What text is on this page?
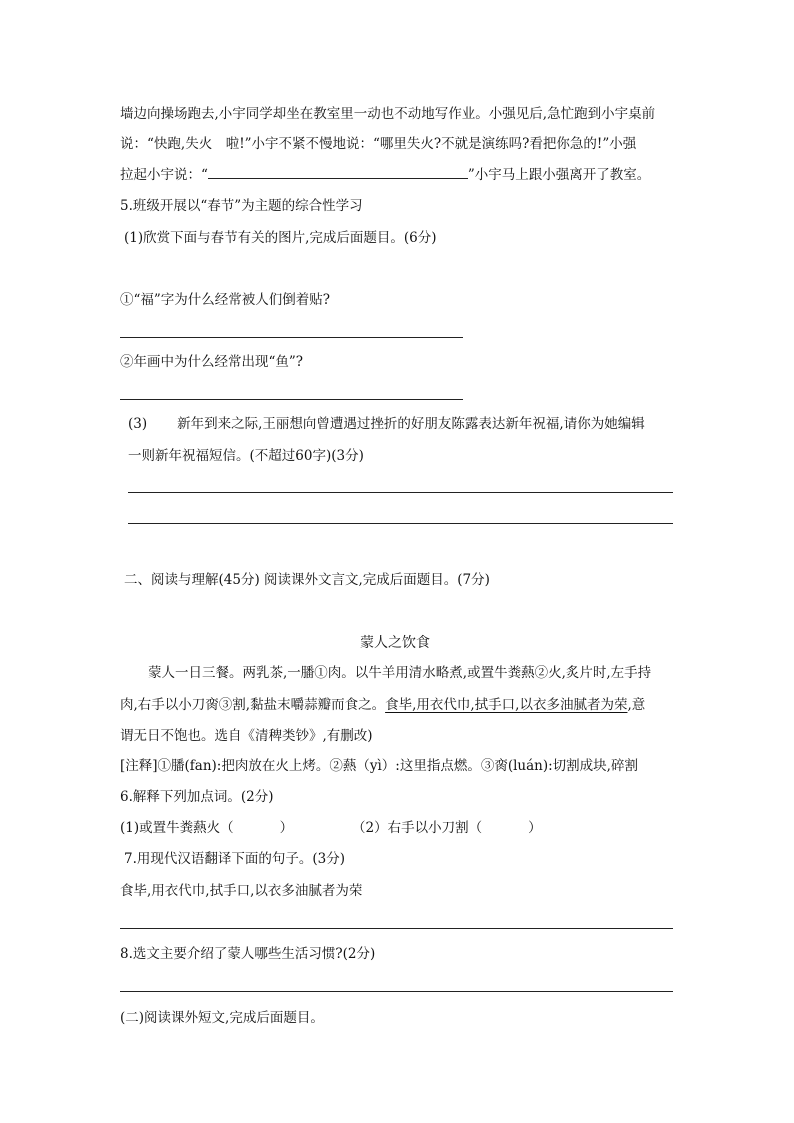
墙边向操场跑去,小宇同学却坐在教室里一动也不动地写作业。小强见后,急忙跑到小宇桌前
说：“快跑,失火　啦!”小宇不紧不慢地说：“哪里失火?不就是演练吗?看把你急的!”小强
拉起小宇说：“	”小宇马上跟小强离开了教室。
5.班级开展以“春节”为主题的综合性学习
(1)欣赏下面与春节有关的图片,完成后面题目。(6分)
①“福”字为什么经常被人们倒着贴?
②年画中为什么经常出现“鱼”?
(3) 新年到来之际,王丽想向曾遭遇过挫折的好朋友陈露表达新年祝福,请你为她编辑
一则新年祝福短信。(不超过60字)(3分)
二、阅读与理解(45分) 阅读课外文言文,完成后面题目。(7分)
蒙人之饮食
蒙人一日三餐。两乳茶,一膰①肉。以牛羊用清水略煮,或置牛粪爇②火,炙片时,左手持
肉,右手以小刀脔③割,黏盐末嚼蒜瓣而食之。食毕,用衣代巾,拭手口,以衣多油腻者为荣,意
谓无日不饱也。选自《清稗类钞》,有删改)
[注释]①膰(fan):把肉放在火上烤。②爇（yì）:这里指点燃。③脔(luán):切割成块,碎割
6.解释下列加点词。(2分)
(1)或置牛粪爇火（	）	（2）右手以小刀割（	）
7.用现代汉语翻译下面的句子。(3分)
食毕,用衣代巾,拭手口,以衣多油腻者为荣
8.选文主要介绍了蒙人哪些生活习惯?(2分)
(二)阅读课外短文,完成后面题目。
